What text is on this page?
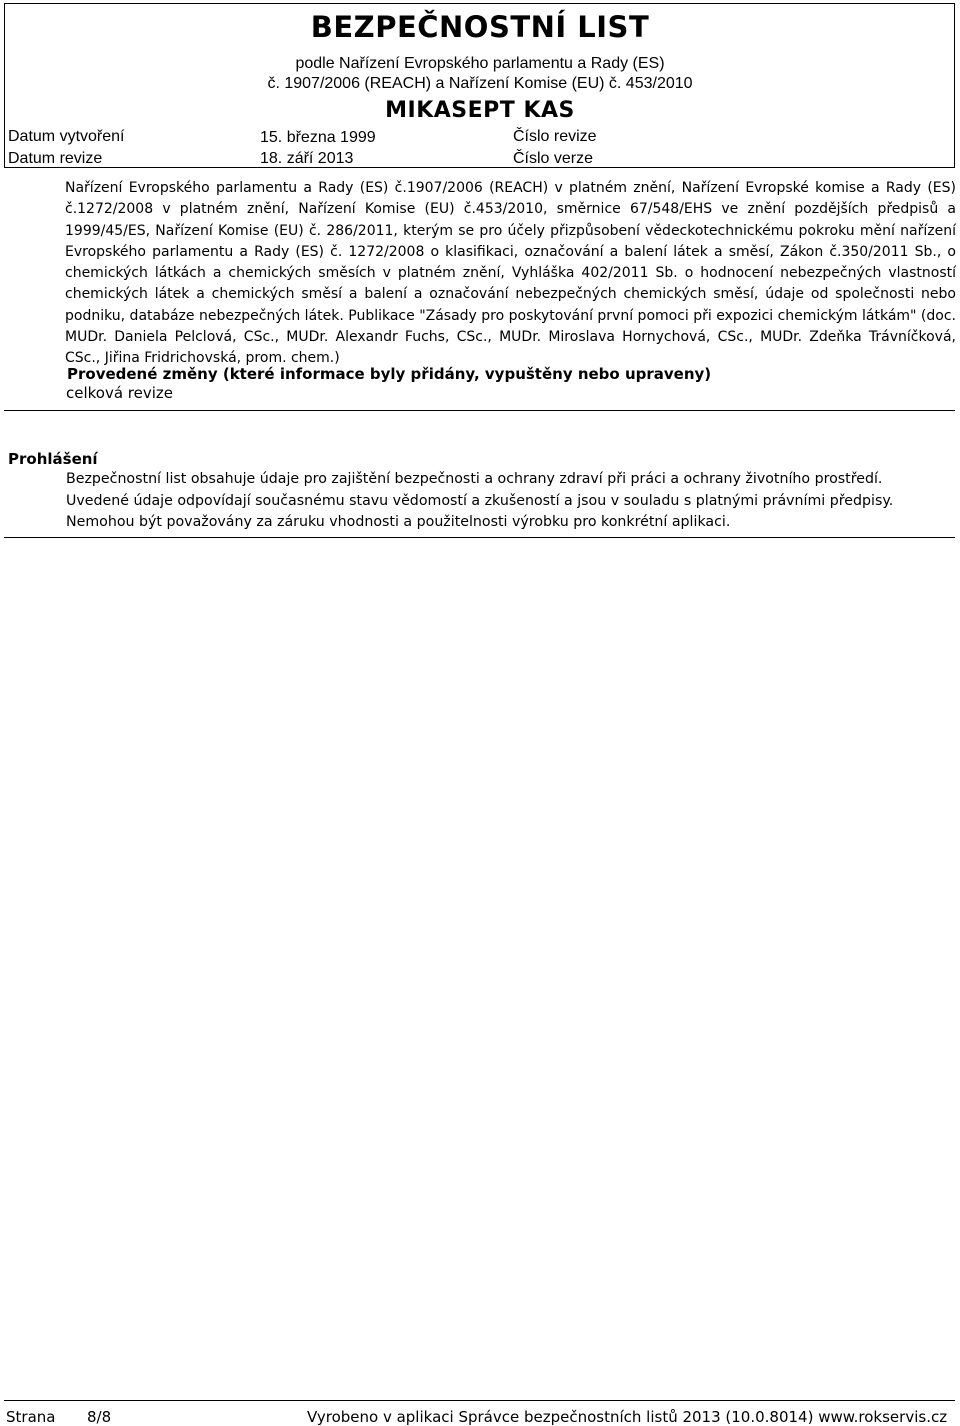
BEZPEČNOSTNÍ LIST
podle Nařízení Evropského parlamentu a Rady (ES)
č. 1907/2006 (REACH) a Nařízení Komise (EU) č. 453/2010
MIKASEPT KAS
Datum vytvoření	15. března 1999	Číslo revize
Datum revize	18. září 2013	Číslo verze
Nařízení Evropského parlamentu a Rady (ES) č.1907/2006 (REACH) v platném znění, Nařízení Evropské komise a Rady (ES) č.1272/2008 v platném znění, Nařízení Komise (EU) č.453/2010, směrnice 67/548/EHS ve znění pozdějších předpisů a 1999/45/ES, Nařízení Komise (EU) č. 286/2011, kterým se pro účely přizpůsobení vědeckotechnickému pokroku mění nařízení Evropského parlamentu a Rady (ES) č. 1272/2008 o klasifikaci, označování a balení látek a směsí, Zákon č.350/2011 Sb., o chemických látkách a chemických směsích v platném znění, Vyhláška 402/2011 Sb. o hodnocení nebezpečných vlastností chemických látek a chemických směsí a balení a označování nebezpečných chemických směsí, údaje od společnosti nebo podniku, databáze nebezpečných látek. Publikace "Zásady pro poskytování první pomoci při expozici chemickým látkám" (doc. MUDr. Daniela Pelclová, CSc., MUDr. Alexandr Fuchs, CSc., MUDr. Miroslava Hornychová, CSc., MUDr. Zdeňka Trávníčková, CSc., Jiřina Fridrichovská, prom. chem.)
Provedené změny (které informace byly přidány, vypuštěny nebo upraveny)
celková revize
Prohlášení
Bezpečnostní list obsahuje údaje pro zajištění bezpečnosti a ochrany zdraví při práci a ochrany životního prostředí.
Uvedené údaje odpovídají současnému stavu vědomostí a zkušeností a jsou v souladu s platnými právními předpisy.
Nemohou být považovány za záruku vhodnosti a použitelnosti výrobku pro konkrétní aplikaci.
Strana 8/8	Vyrobeno v aplikaci Správce bezpečnostních listů 2013 (10.0.8014) www.rokservis.cz
